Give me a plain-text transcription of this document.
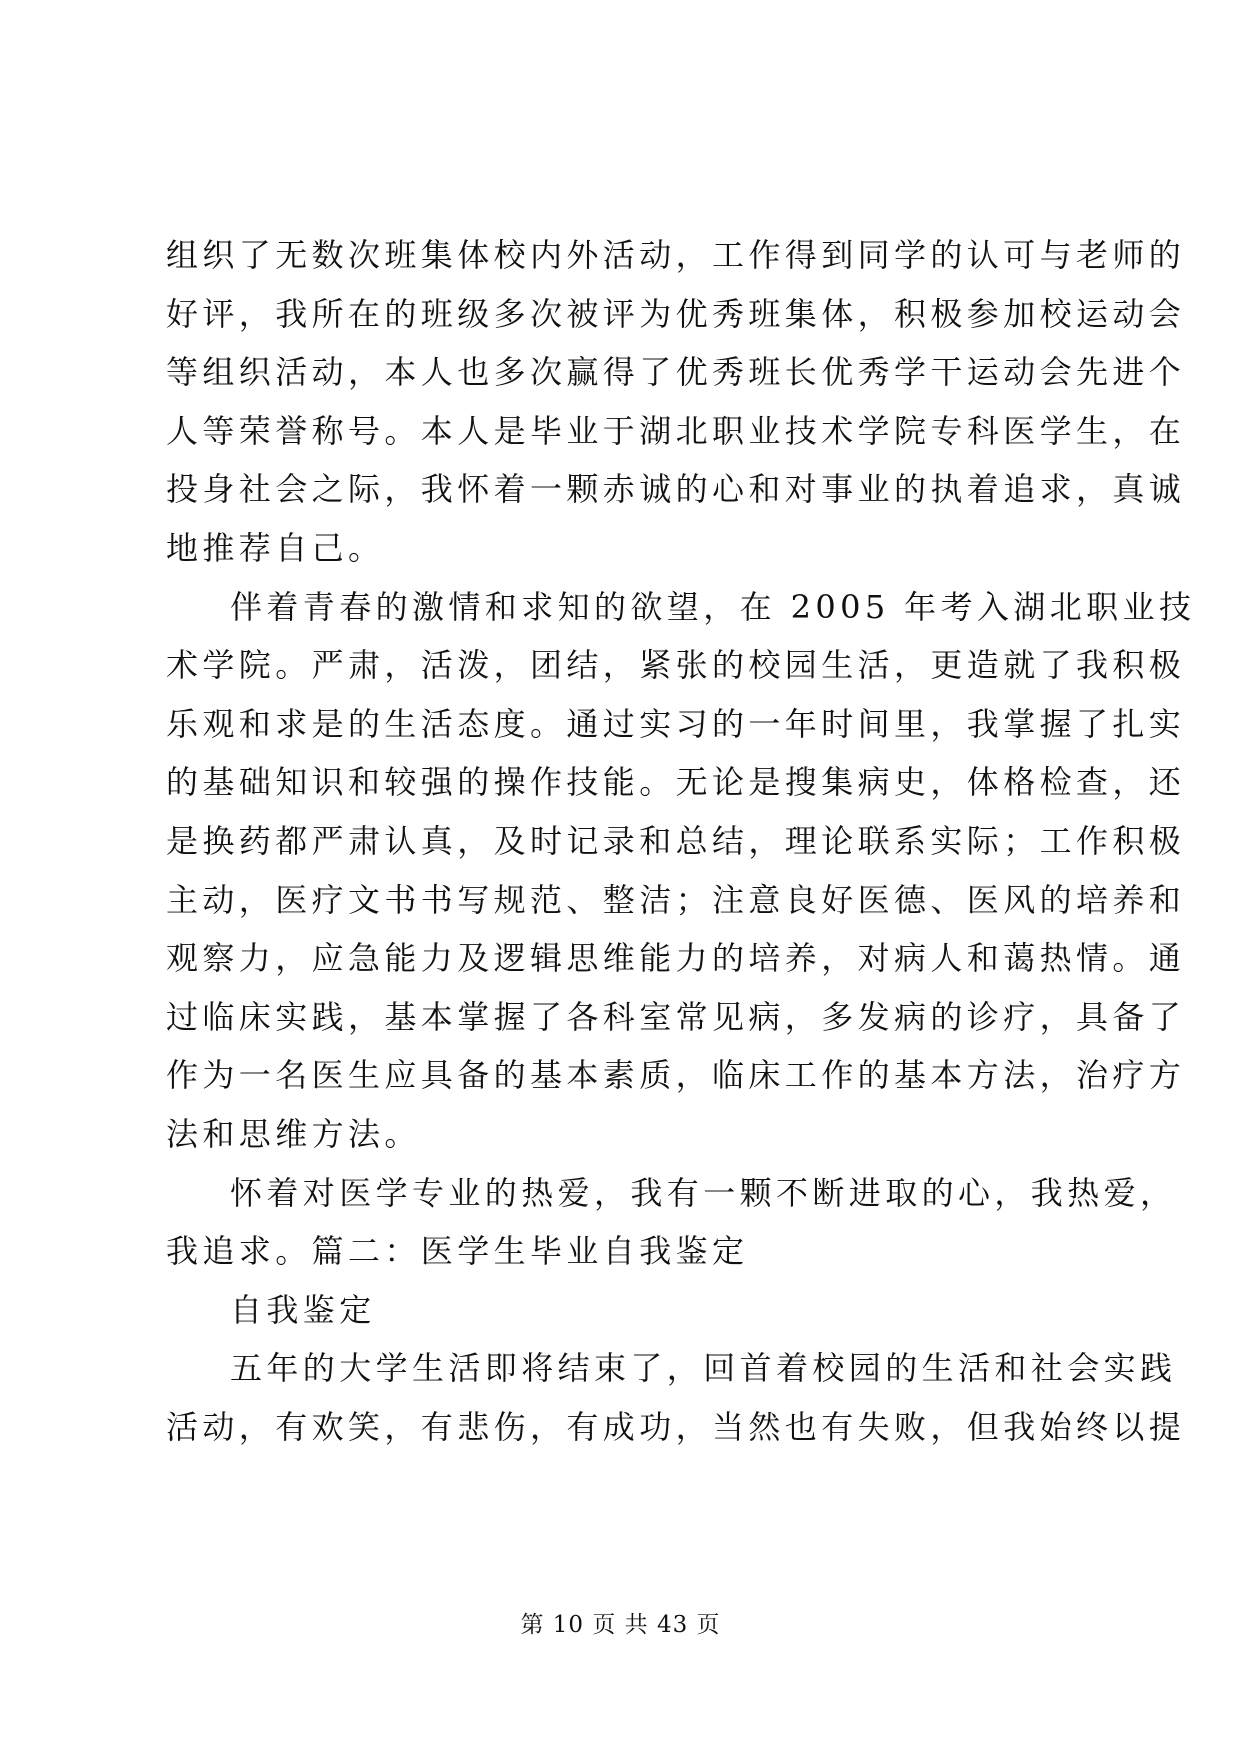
组织了无数次班集体校内外活动，工作得到同学的认可与老师的
好评，我所在的班级多次被评为优秀班集体，积极参加校运动会
等组织活动，本人也多次赢得了优秀班长优秀学干运动会先进个
人等荣誉称号。本人是毕业于湖北职业技术学院专科医学生，在
投身社会之际，我怀着一颗赤诚的心和对事业的执着追求，真诚
地推荐自己。
伴着青春的激情和求知的欲望，在 2005 年考入湖北职业技
术学院。严肃，活泼，团结，紧张的校园生活，更造就了我积极
乐观和求是的生活态度。通过实习的一年时间里，我掌握了扎实
的基础知识和较强的操作技能。无论是搜集病史，体格检查，还
是换药都严肃认真，及时记录和总结，理论联系实际；工作积极
主动，医疗文书书写规范、整洁；注意良好医德、医风的培养和
观察力，应急能力及逻辑思维能力的培养，对病人和蔼热情。通
过临床实践，基本掌握了各科室常见病，多发病的诊疗，具备了
作为一名医生应具备的基本素质，临床工作的基本方法，治疗方
法和思维方法。
怀着对医学专业的热爱，我有一颗不断进取的心，我热爱，
我追求。篇二：医学生毕业自我鉴定
自我鉴定
五年的大学生活即将结束了，回首着校园的生活和社会实践
活动，有欢笑，有悲伤，有成功，当然也有失败，但我始终以提
第 10 页 共 43 页
